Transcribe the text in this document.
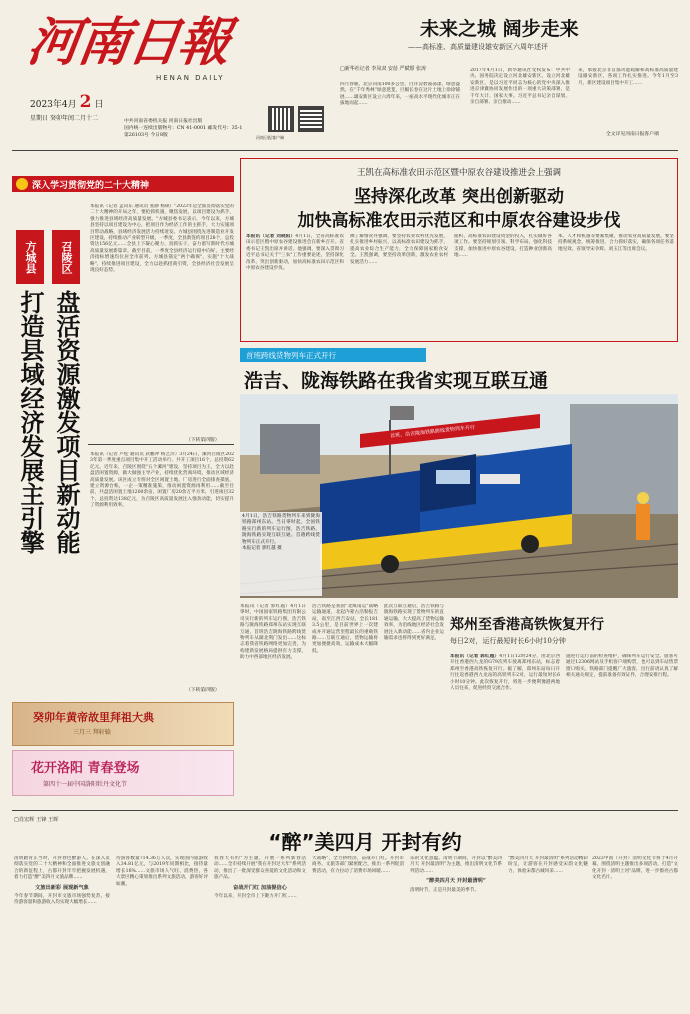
河南日報
HENAN DAILY
2023年4月 2 日
星期日 癸卯年闰二月十二	中共河南省委机关报 河南日报社出版
国内统一连续出版物号：CN 41-0001 邮发代号：35-1
第26103号 今日8版	河南日报客户端
未来之城 阔步走来
——高标准、高质量建设雄安新区六周年述评
□新华社记者 李凤双 安蓓 严赋憬 张涛
四月春暖，北京向南100多公里，白洋淀碧波荡漾，绿意盎然。在“千年秀林”绿意葱茏，巨幅长卷在这片土地上徐徐铺展……雄安新区设立六周年来，一座高水平现代化城市正在拔地而起……
2017年4月1日，新华通讯社受权发布：中共中央、国务院决定设立河北雄安新区。设立河北雄安新区，是以习近平同志为核心的党中央深入推进京津冀协同发展作出的一项重大决策部署，是千年大计、国家大事。习近平总书记亲自谋划、亲自部署、亲自推动……
来，承接北京非首都功能疏解和高标准高质量建设雄安新区，各项工作扎实推进。今年1月至3月，新区建设项目集中开工……
全文详见河南日报客户端
深入学习贯彻党的二十大精神
本报讯（记者 孟向东 通讯员 张静 杨硕）"2023年是全面贯彻落实党的二十大精神的开局之年，要抢抓机遇，聚焦发展，以项目建设为抓手，强力推进县域经济高质量发展。"方城县委书记表示，今年以来，方城县坚持以项目建设为中心，把项目作为经济工作的主抓手，大力实施项目带动战略，县域经济发展活力持续迸发。方城县围绕先进制造业开发区建设，持续推动产业转型升级。一季度，全县新签约项目28个，总投资达156亿元……全县上下凝心聚力、真抓实干，奋力谱写新时代方城高质量发展新篇章。截至目前，一季度全县经济运行稳中向好，主要经济指标增速均位居全市前列。方城县锚定"两个确保"，实施"十大战略"，持续推进项目建设，全力以赴抓招商引资，全县经济社会发展呈现良好态势。
（下转第四版）
方城县
打造县域经济发展主引擎
召陵区
盘活资源激发项目新动能	本报讯（记者 卢松 通讯员 武鹏冲 杨艺洋）3月24日，漯河召陵区2023年第一季度重点项目集中开工活动举行，共开工项目16个，总投资62亿元。近年来，召陵区围绕"五个漯河"建设，坚持项目为王，全力以赴盘活闲置资源，做大做强主导产业，持续优化营商环境，推动区域经济高质量发展。该区成立专班对全区闲置土地、厂房进行全面排查摸底，建立资源台账，一企一策精准施策，推动闲置资源再利用……截至目前，共盘活闲置土地1200余亩、闲置厂房20余万平方米，引进项目32个，总投资达138亿元，为召陵区高质量发展注入强劲动能，切实提升了资源利用效率。
（下转第四版）
癸卯年黄帝故里拜祖大典
三月三 拜轩辕
花开洛阳 青春登场
第四十一届中国洛阳牡丹文化节
王凯在高标准农田示范区暨中原农谷建设推进会上强调
坚持深化改革 突出创新驱动
加快高标准农田示范区和中原农谷建设步伐
本报讯（记者 刘晓阳）4月1日，全省高标准农田示范区暨中原农谷建设推进会在新乡召开。省委书记王凯出席并讲话。他强调，要深入贯彻习近平总书记关于"三农"工作重要论述，坚持深化改革、突出创新驱动，加快高标准农田示范区和中原农谷建设步伐。
阔了解情况并强调，要坚持农业农村优先发展，扎实推进乡村振兴，以高标准农田建设为抓手，提高农业综合生产能力，全力保障国家粮食安全。王凯强调，要坚持改革创新，激发农业农村发展活力……
面积、高标准农田建设资金的投入，扎实做好各项工作。要坚持规划引领、科学布局，强化科技支撑，加快推进中原农谷建设，打造种业创新高地……
本、人才和机遇等要素集聚，推动农业高质量发展。要坚持系统观念，统筹推进，合力抓好落实，确保各项任务落地见效。省领导宋争辉、刘玉江等出席会议。
首班跨线货物列车正式开行
浩吉、陇海铁路在我省实现互联互通
首班、浩吉陇海铁路跨线货物列车开行
4月1日，浩吉铁路货物列车来到陇海铁路郑州东站。当日零时起，全国铁路实行新的列车运行图，浩吉铁路、陇海铁路实现互联互通。首趟跨线货物列车正式开行。
本报记者 郭红越 摄
本报讯（记者 郭红越）4月1日零时，中国国家铁路集团有限公司实行新的列车运行图，浩吉铁路与陇海铁路郑州东站实现互联互通，首班浩吉陇海铁路跨线货物列车从湖北荆门发出……这标志着我省铁路网络更加完善，为构建新发展格局提供有力支撑，助力中西部地区经济发展。
浩吉铁路是我国"北煤南运"战略运输通道，北起内蒙古浩勒报吉站，南至江西吉安站，全长1813.5公里，是目前世界上一次建成并开通运营里程最长的重载铁路……互联互通后，货物运输将更加便捷高效，运输成本大幅降低。
此次互联互通后，浩吉铁路与陇海铁路实现了货物列车的直通运输，大大提高了货物运输效率，为沿线地区经济社会发展注入新动能……省内企业运输需求也将得到更好满足。
郑州至香港高铁恢复开行
每日2对，运行最短时长6小时10分钟
本报讯（记者 郭红越）4月1日12时24分，由北京西开往香港西九龙的G79次列车驶离郑州东站，标志着郑州至香港高铁恢复开行。据了解，郑州东站每日开行往返香港西九龙站的高铁列车2对，运行最短时长6小时10分钟。此次恢复开行，将进一步便利豫港两地人员往来，促进经贸交流合作。
施进行运行前的检查维护，确保列车运行安全。旅客可通过12306网站及手机客户端购票，也可以到车站售票窗口购买。铁路部门提醒广大旅客，出行前请认真了解相关通关规定，提前准备有效证件，合理安排行程。
□肖宏辉 王锋 王晖
“醉”美四月 开封有约
清明踏青正当时，开封春色醉游人。在深入贯彻落实党的二十大精神和全面推进文旅文创融合的新征程上，古都开封牢牢把握发展机遇，着力打造"醉"美四月文旅品牌……

文旅出新彩 展现新气象
今年春节期间，开封市文旅市场强势复苏，接待游客量和旅游收入均实现大幅增长……
待游客数量714.36万人次，实现国内旅游收入34.81亿元，与2019年同期相比，接待量增长16%……文旅市场人气旺、消费热，各大景区精心策划推出系列文旅活动，游客好评如潮。
我春天有约"为主题，开展一系列新春活动……全市持续开展"我在开封过大年"系列活动，推出了一批深受群众喜爱的文化活动和文旅产品。

奋战开门红 加油提信心
今年以来，开封全市上下聚力开门红……
大战略"，全力拼经济，奋战开门红。开封市商务、文旅等部门紧密配合，推出一系列促消费活动，有力拉动了消费市场回暖……
乐的文化意蕴。清明节期间，开封以"醉美四月天 开封最清明"为主题，推出清明文化节系列活动……

“醉美四月天 开封最清明”
清明时节，正是开封最美的季节。
"醉美四月天 开封最清明"系列活动精彩纷呈，让游客在开封感受宋韵文化魅力，体验宋都古城风采……
2023中国（开封）清明文化节将于4月开幕，围绕清明主题推出多项活动，打造"文化开封 · 清明上河"品牌，进一步擦亮古都文化名片。
